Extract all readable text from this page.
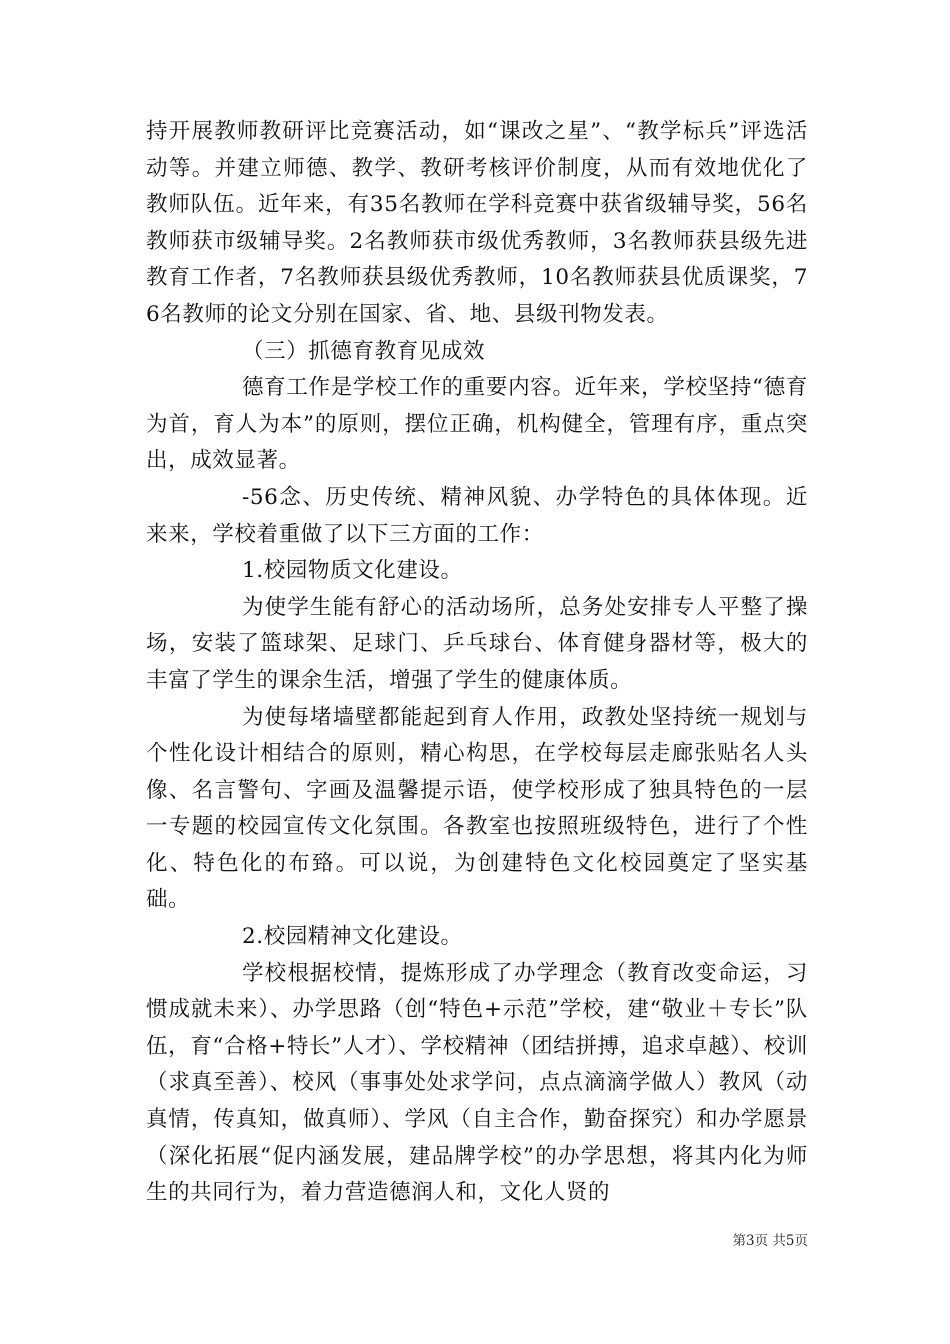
持开展教师教研评比竞赛活动，如“课改之星”、“教学标兵”评选活动等。并建立师德、教学、教研考核评价制度，从而有效地优化了教师队伍。近年来，有35名教师在学科竞赛中获省级辅导奖，56名教师获市级辅导奖。2名教师获市级优秀教师，3名教师获县级先进教育工作者，7名教师获县级优秀教师，10名教师获县优质课奖，76名教师的论文分别在国家、省、地、县级刊物发表。

（三）抓德育教育见成效

德育工作是学校工作的重要内容。近年来，学校坚持“德育为首，育人为本”的原则，摆位正确，机构健全，管理有序，重点突出，成效显著。

-56念、历史传统、精神风貌、办学特色的具体体现。近来来，学校着重做了以下三方面的工作：

1.校园物质文化建设。

为使学生能有舒心的活动场所，总务处安排专人平整了操场，安装了篮球架、足球门、乒乓球台、体育健身器材等，极大的丰富了学生的课余生活，增强了学生的健康体质。

为使每堵墙壁都能起到育人作用，政教处坚持统一规划与个性化设计相结合的原则，精心构思，在学校每层走廊张贴名人头像、名言警句、字画及温馨提示语，使学校形成了独具特色的一层一专题的校园宣传文化氛围。各教室也按照班级特色，进行了个性化、特色化的布臵。可以说，为创建特色文化校园奠定了坚实基础。

2.校园精神文化建设。

学校根据校情，提炼形成了办学理念（教育改变命运，习惯成就未来）、办学思路（创“特色+示范”学校，建“敬业＋专长”队伍，育“合格+特长”人才）、学校精神（团结拼搏，追求卓越）、校训（求真至善）、校风（事事处处求学问，点点滴滴学做人）教风（动真情，传真知，做真师）、学风（自主合作，勤奋探究）和办学愿景（深化拓展“促内涵发展，建品牌学校”的办学思想，将其内化为师生的共同行为，着力营造德润人和，文化人贤的

第3页 共5页
